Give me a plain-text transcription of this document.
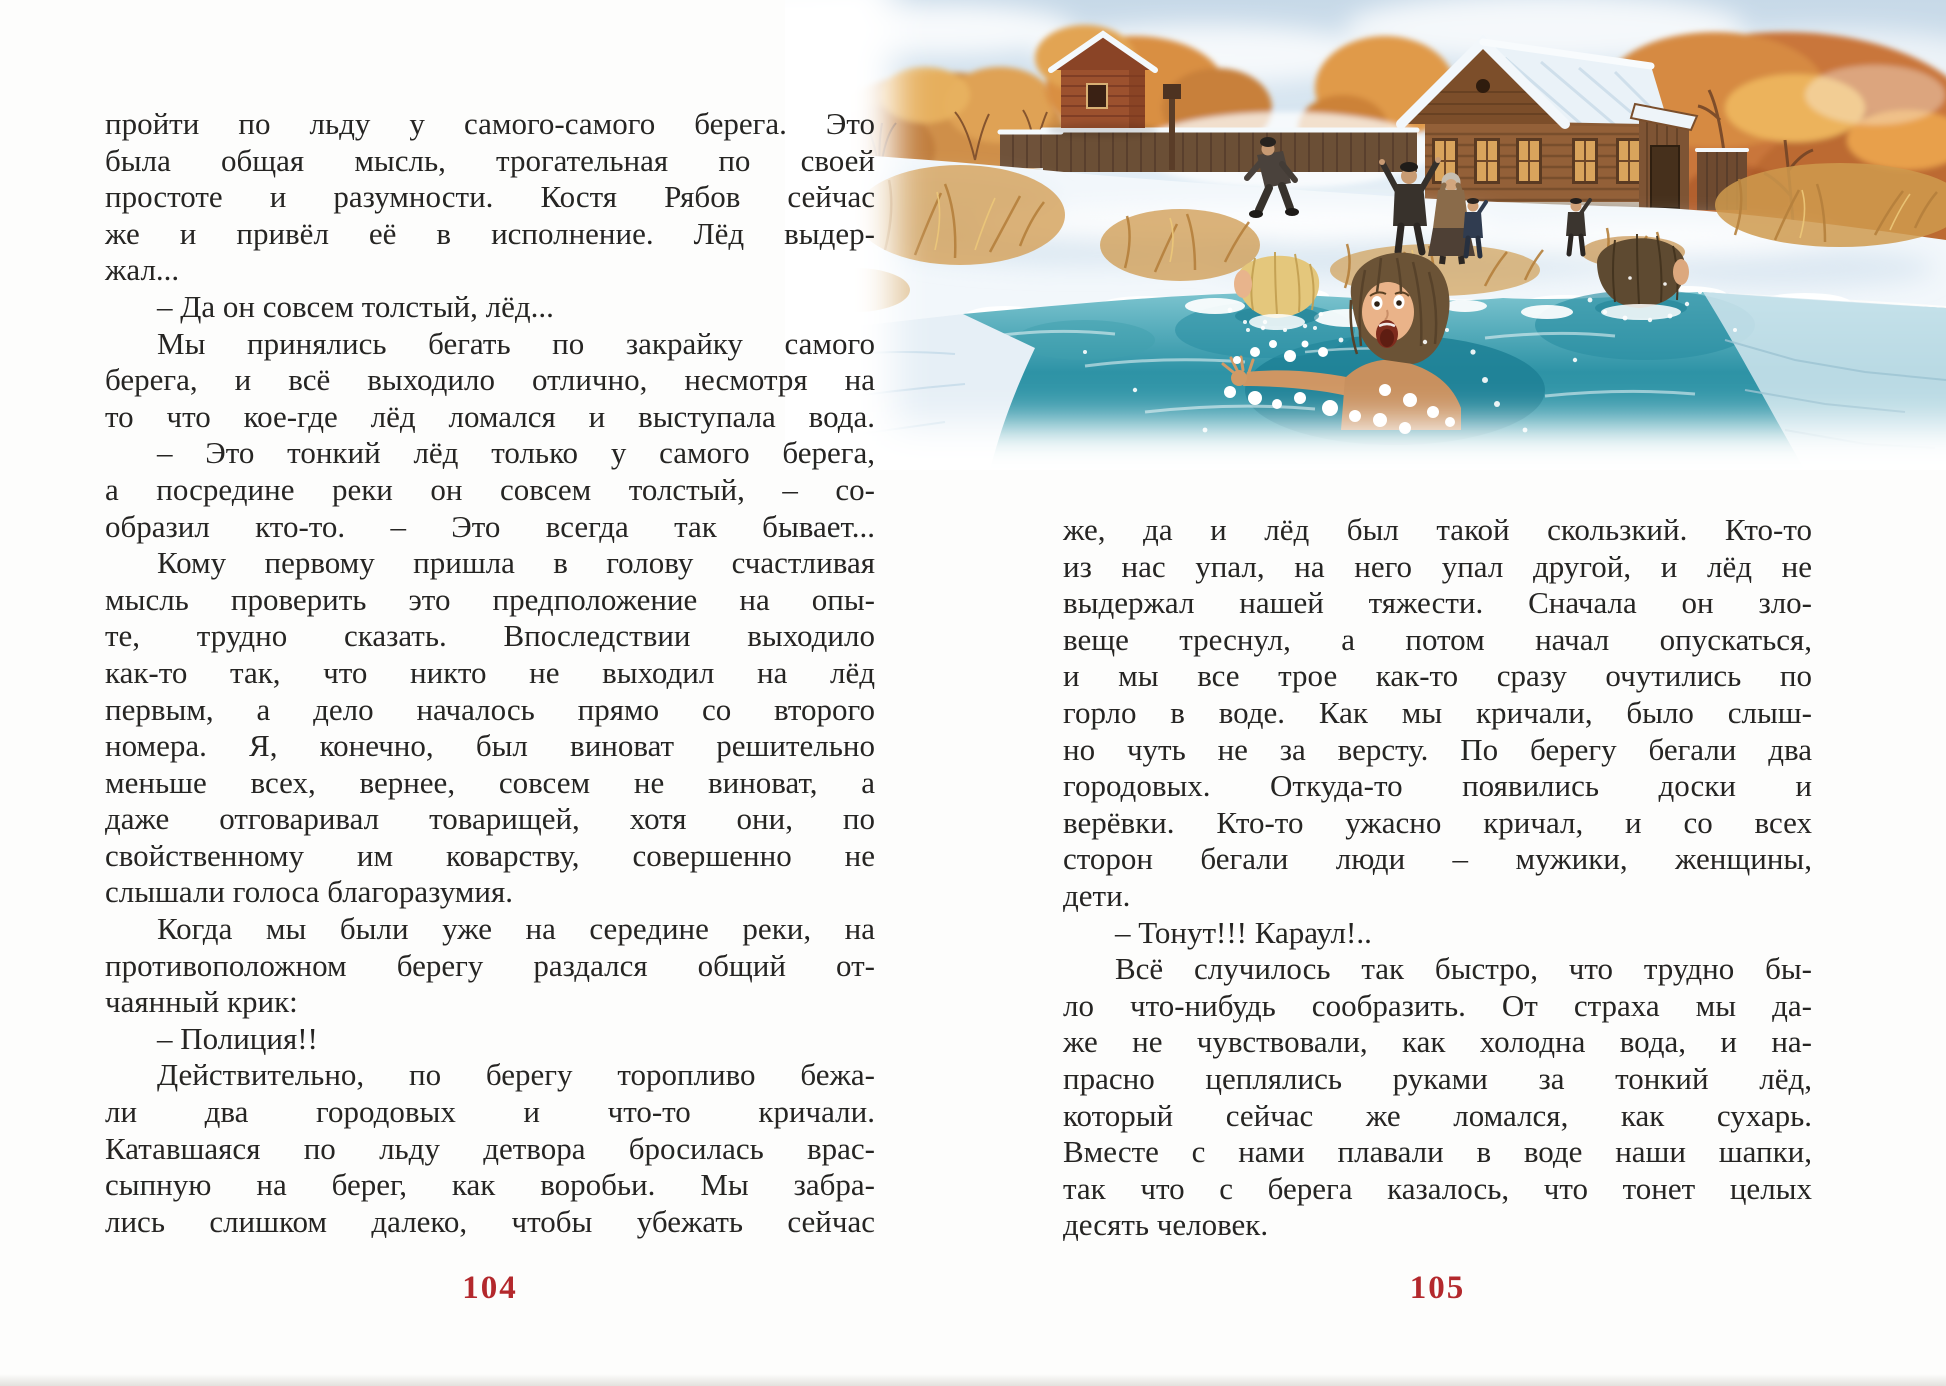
пройти по льду у самого-самого берега. Это
была общая мысль, трогательная по своей
простоте и разумности. Костя Рябов сейчас
же и привёл её в исполнение. Лёд выдер-
жал...
– Да он совсем толстый, лёд...
Мы принялись бегать по закрайку самого
берега, и всё выходило отлично, несмотря на
то что кое-где лёд ломался и выступала вода.
– Это тонкий лёд только у самого берега,
а посредине реки он совсем толстый, – со-
образил кто-то. – Это всегда так бывает...
Кому первому пришла в голову счастливая
мысль проверить это предположение на опы-
те, трудно сказать. Впоследствии выходило
как-то так, что никто не выходил на лёд
первым, а дело началось прямо со второго
номера. Я, конечно, был виноват решительно
меньше всех, вернее, совсем не виноват, а
даже отговаривал товарищей, хотя они, по
свойственному им коварству, совершенно не
слышали голоса благоразумия.
Когда мы были уже на середине реки, на
противоположном берегу раздался общий от-
чаянный крик:
– Полиция!!
Действительно, по берегу торопливо бежа-
ли два городовых и что-то кричали.
Катавшаяся по льду детвора бросилась врас-
сыпную на берег, как воробьи. Мы забра-
лись слишком далеко, чтобы убежать сейчас
104
же, да и лёд был такой скользкий. Кто-то
из нас упал, на него упал другой, и лёд не
выдержал нашей тяжести. Сначала он зло-
веще треснул, а потом начал опускаться,
и мы все трое как-то сразу очутились по
горло в воде. Как мы кричали, было слыш-
но чуть не за версту. По берегу бегали два
городовых. Откуда-то появились доски и
верёвки. Кто-то ужасно кричал, и со всех
сторон бегали люди – мужики, женщины,
дети.
– Тонут!!! Караул!..
Всё случилось так быстро, что трудно бы-
ло что-нибудь сообразить. От страха мы да-
же не чувствовали, как холодна вода, и на-
прасно цеплялись руками за тонкий лёд,
который сейчас же ломался, как сухарь.
Вместе с нами плавали в воде наши шапки,
так что с берега казалось, что тонет целых
десять человек.
105
